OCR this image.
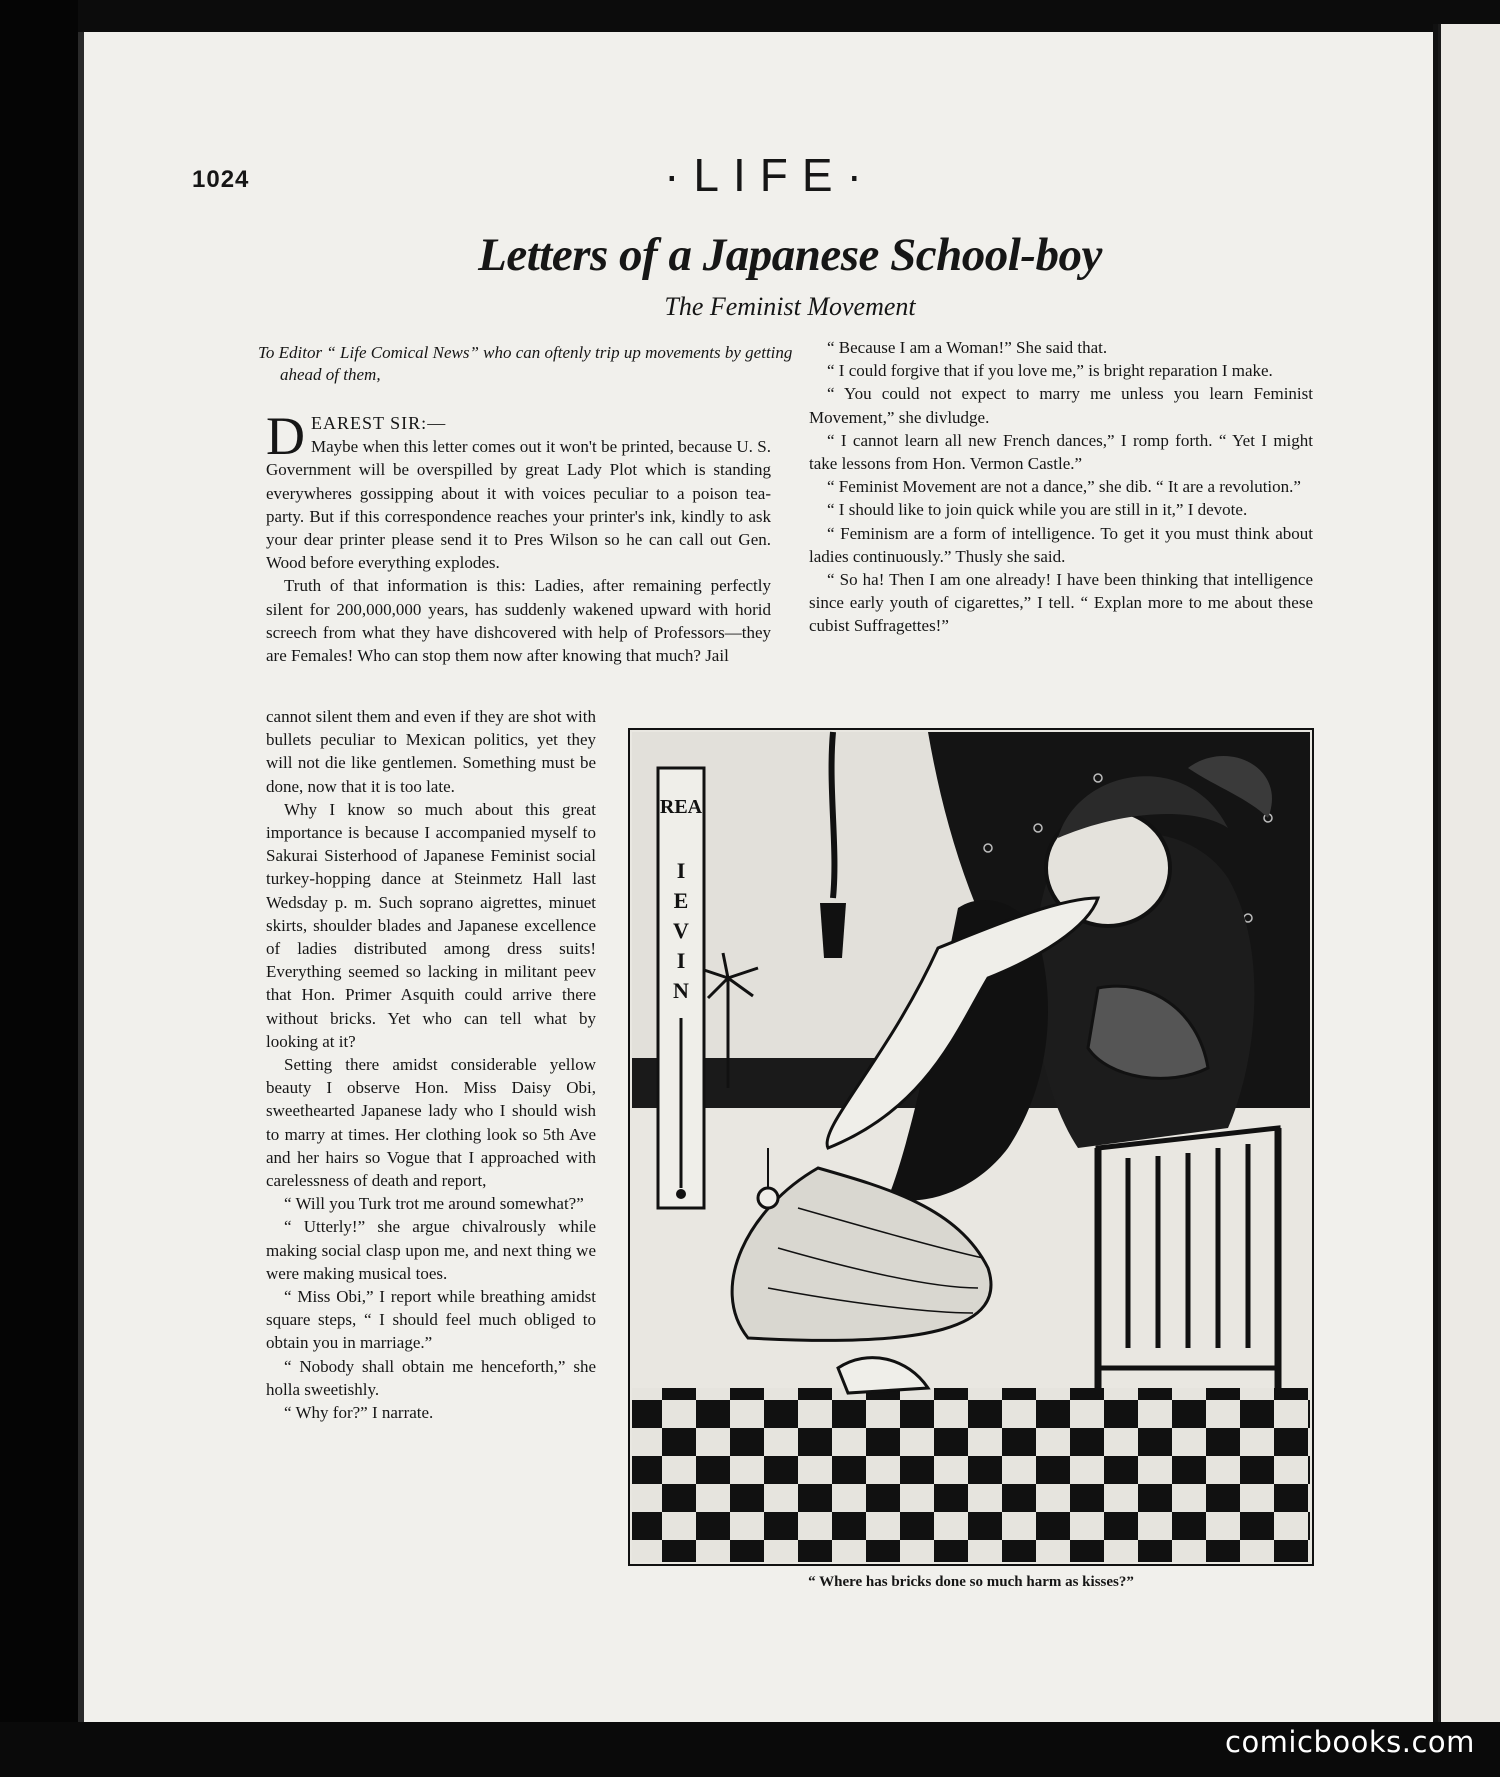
1024	·LIFE·
Letters of a Japanese School-boy
The Feminist Movement
To Editor “ Life Comical News” who can oftenly trip up movements by getting ahead of them,

DEAREST SIR:—
Maybe when this letter comes out it won't be printed, because U. S. Government will be overspilled by great Lady Plot which is standing everywheres gossipping about it with voices peculiar to a poison tea-party. But if this correspondence reaches your printer's ink, kindly to ask your dear printer please send it to Pres Wilson so he can call out Gen. Wood before everything explodes.

Truth of that information is this: Ladies, after remaining perfectly silent for 200,000,000 years, has suddenly wakened upward with horid screech from what they have dishcovered with help of Professors—they are Females! Who can stop them now after knowing that much? Jail

cannot silent them and even if they are shot with bullets peculiar to Mexican politics, yet they will not die like gentlemen. Something must be done, now that it is too late.

Why I know so much about this great importance is because I accompanied myself to Sakurai Sisterhood of Japanese Feminist social turkey-hopping dance at Steinmetz Hall last Wedsday p. m. Such soprano aigrettes, minuet skirts, shoulder blades and Japanese excellence of ladies distributed among dress suits! Everything seemed so lacking in militant peev that Hon. Primer Asquith could arrive there without bricks. Yet who can tell what by looking at it?

Setting there amidst considerable yellow beauty I observe Hon. Miss Daisy Obi, sweethearted Japanese lady who I should wish to marry at times. Her clothing look so 5th Ave and her hairs so Vogue that I approached with carelessness of death and report,

“ Will you Turk trot me around somewhat?”

“ Utterly!” she argue chivalrously while making social clasp upon me, and next thing we were making musical toes.

“ Miss Obi,” I report while breathing amidst square steps, “ I should feel much obliged to obtain you in marriage.”

“ Nobody shall obtain me henceforth,” she holla sweetishly.

“ Why for?” I narrate.

“ Because I am a Woman!” She said that.

“ I could forgive that if you love me,” is bright reparation I make.

“ You could not expect to marry me unless you learn Feminist Movement,” she divludge.

“ I cannot learn all new French dances,” I romp forth. “ Yet I might take lessons from Hon. Vermon Castle.”

“ Feminist Movement are not a dance,” she dib. “ It are a revolution.”

“ I should like to join quick while you are still in it,” I devote.

“ Feminism are a form of intelligence. To get it you must think about ladies continuously.” Thusly she said.

“ So ha! Then I am one already! I have been thinking that intelligence since early youth of cigarettes,” I tell. “ Explan more to me about these cubist Suffragettes!”

REA
I
E
V
I
N
“ Where has bricks done so much harm as kisses?”
comicbooks.com
